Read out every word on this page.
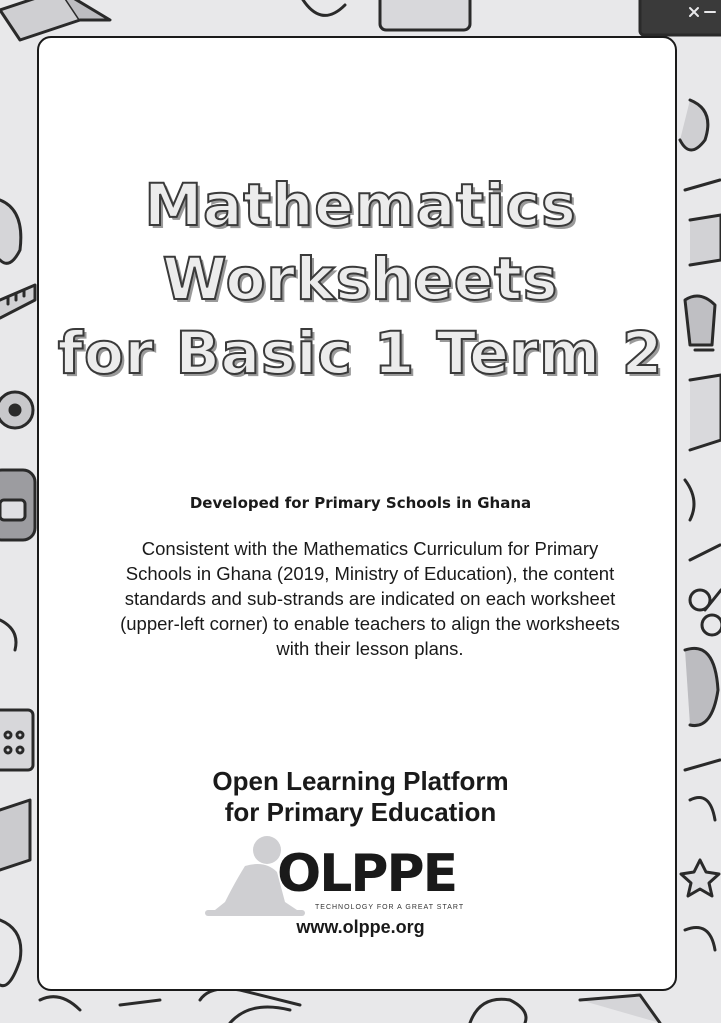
Mathematics
Worksheets
for Basic 1 Term 2
Developed for Primary Schools in Ghana
Consistent with the Mathematics Curriculum for Primary Schools in Ghana (2019, Ministry of Education), the content standards and sub-strands are indicated on each worksheet (upper-left corner) to enable teachers to align the worksheets with their lesson plans.
Open Learning Platform
for Primary Education
OLPPE
TECHNOLOGY FOR A GREAT START
www.olppe.org
